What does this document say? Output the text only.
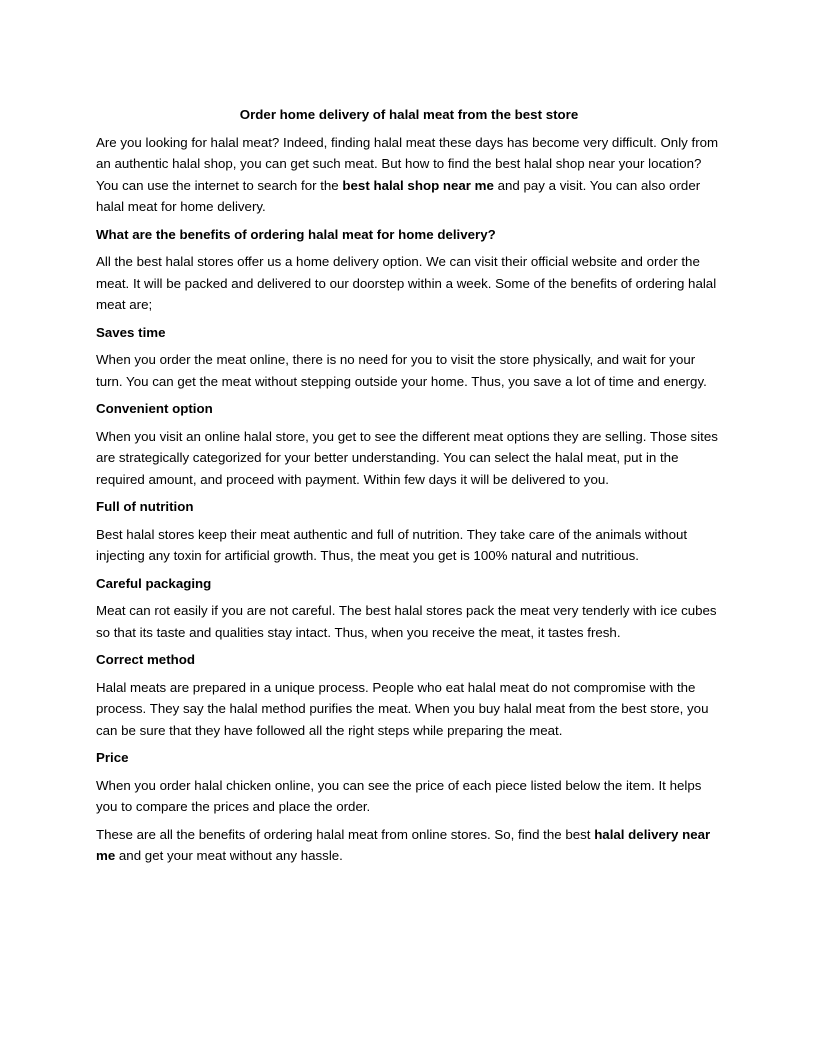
Order home delivery of halal meat from the best store

Are you looking for halal meat? Indeed, finding halal meat these days has become very difficult. Only from an authentic halal shop, you can get such meat. But how to find the best halal shop near your location? You can use the internet to search for the best halal shop near me and pay a visit. You can also order halal meat for home delivery.

What are the benefits of ordering halal meat for home delivery?

All the best halal stores offer us a home delivery option. We can visit their official website and order the meat. It will be packed and delivered to our doorstep within a week. Some of the benefits of ordering halal meat are;

Saves time

When you order the meat online, there is no need for you to visit the store physically, and wait for your turn. You can get the meat without stepping outside your home. Thus, you save a lot of time and energy.

Convenient option

When you visit an online halal store, you get to see the different meat options they are selling. Those sites are strategically categorized for your better understanding. You can select the halal meat, put in the required amount, and proceed with payment. Within few days it will be delivered to you.

Full of nutrition

Best halal stores keep their meat authentic and full of nutrition. They take care of the animals without injecting any toxin for artificial growth. Thus, the meat you get is 100% natural and nutritious.

Careful packaging

Meat can rot easily if you are not careful. The best halal stores pack the meat very tenderly with ice cubes so that its taste and qualities stay intact. Thus, when you receive the meat, it tastes fresh.

Correct method

Halal meats are prepared in a unique process. People who eat halal meat do not compromise with the process. They say the halal method purifies the meat. When you buy halal meat from the best store, you can be sure that they have followed all the right steps while preparing the meat.

Price

When you order halal chicken online, you can see the price of each piece listed below the item. It helps you to compare the prices and place the order.

These are all the benefits of ordering halal meat from online stores. So, find the best halal delivery near me and get your meat without any hassle.
